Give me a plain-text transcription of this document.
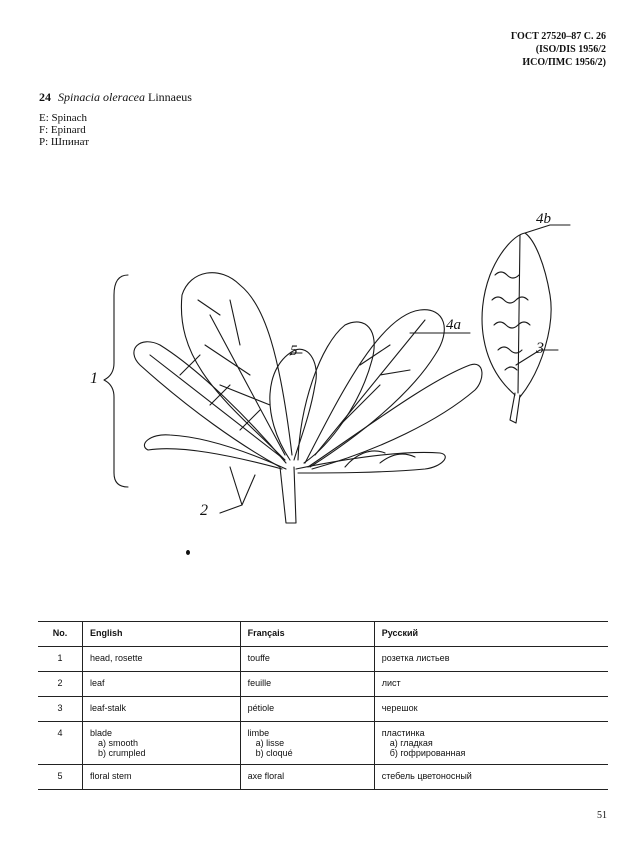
ГОСТ 27520–87 С. 26
(ISO/DIS 1956/2
ИСО/ПМС 1956/2)
24 Spinacia oleracea Linnaeus
E: Spinach
F: Epinard
P: Шпинат
1
2
3
4a
4b
5
No.	English	Français	Русский
1	head, rosette	touffe	розетка листьев
2	leaf	feuille	лист
3	leaf-stalk	pétiole	черешок
4	blade
a) smooth
b) crumpled	limbe
a) lisse
b) cloqué	пластинка
а) гладкая
б) гофрированная

5	floral stem	axe floral	стебель цветоносный
51
